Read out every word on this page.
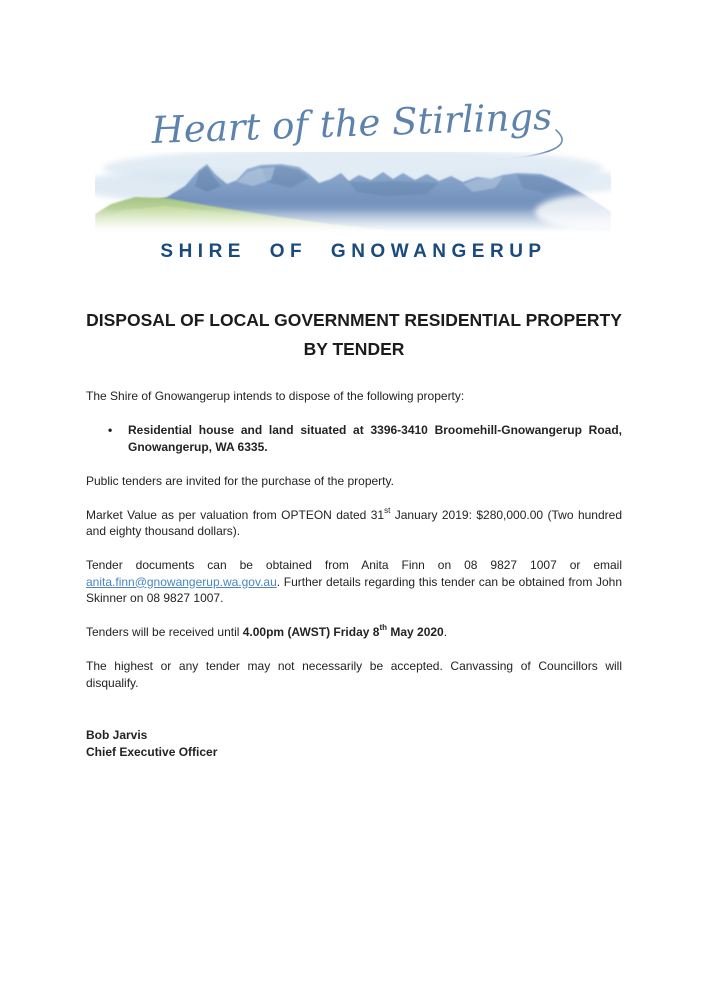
Heart of the Stirlings
SHIRE OF GNOWANGERUP
DISPOSAL OF LOCAL GOVERNMENT RESIDENTIAL PROPERTY
BY TENDER

The Shire of Gnowangerup intends to dispose of the following property:

•	Residential house and land situated at 3396-3410 Broomehill-Gnowangerup Road, Gnowangerup, WA 6335.

Public tenders are invited for the purchase of the property.

Market Value as per valuation from OPTEON dated 31st January 2019: $280,000.00 (Two hundred and eighty thousand dollars).

Tender documents can be obtained from Anita Finn on 08 9827 1007 or email anita.finn@gnowangerup.wa.gov.au. Further details regarding this tender can be obtained from John Skinner on 08 9827 1007.

Tenders will be received until 4.00pm (AWST) Friday 8th May 2020.

The highest or any tender may not necessarily be accepted. Canvassing of Councillors will disqualify.

Bob Jarvis
Chief Executive Officer
